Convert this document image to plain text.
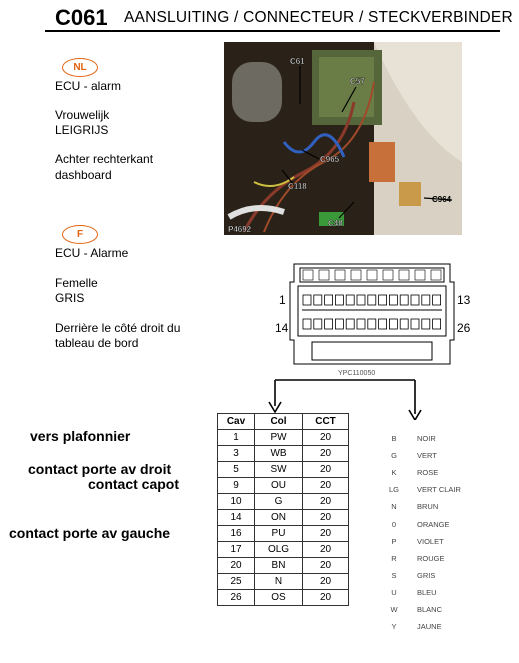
C061 AANSLUITING / CONNECTEUR / STECKVERBINDER
NL
ECU - alarm
Vrouwelijk
LEIGRIJS
Achter rechterkant
dashboard
F
ECU - Alarme
Femelle
GRIS
Derrière le côté droit du
tableau de bord
C61
C57
C965
C118
C48
C964
P4692
1	13
14	26
YPC110050
vers plafonnier
contact porte av droit
contact capot
contact porte av gauche
Cav	Col	CCT
1	PW	20
3	WB	20
5	SW	20
9	OU	20
10	G	20
14	ON	20
16	PU	20
17	OLG	20
20	BN	20
25	N	20
26	OS	20
B	NOIR
G	VERT
K	ROSE
LG VERT CLAIR
N	BRUN
0	ORANGE
P	VIOLET
R	ROUGE
S	GRIS
U	BLEU
W	BLANC
Y	JAUNE
